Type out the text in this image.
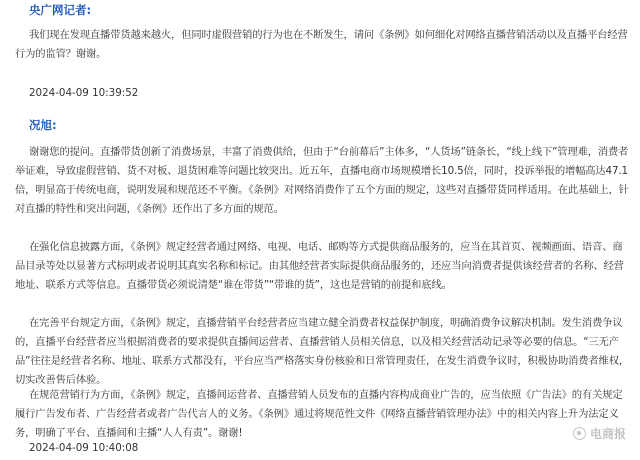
央广网记者:

我们现在发现直播带货越来越火，但同时虚假营销的行为也在不断发生，请问《条例》如何细化对网络直播营销活动以及直播平台经营行为的监管？谢谢。

2024-04-09 10:39:52
况旭:

谢谢您的提问。直播带货创新了消费场景，丰富了消费供给，但由于“台前幕后”主体多，“人货场”链条长，“线上线下”管理难，消费者举证难，导致虚假营销、货不对板、退货困难等问题比较突出。近五年，直播电商市场规模增长10.5倍，同时，投诉举报的增幅高达47.1倍，明显高于传统电商，说明发展和规范还不平衡。《条例》对网络消费作了五个方面的规定，这些对直播带货同样适用。在此基础上，针对直播的特性和突出问题，《条例》还作出了多方面的规范。

在强化信息披露方面，《条例》规定经营者通过网络、电视、电话、邮购等方式提供商品服务的，应当在其首页、视频画面、语音、商品目录等处以显著方式标明或者说明其真实名称和标记。由其他经营者实际提供商品服务的，还应当向消费者提供该经营者的名称、经营地址、联系方式等信息。直播带货必须说清楚“谁在带货”“带谁的货”，这也是营销的前提和底线。

在完善平台规定方面，《条例》规定，直播营销平台经营者应当建立健全消费者权益保护制度，明确消费争议解决机制。发生消费争议的，直播平台经营者应当根据消费者的要求提供直播间运营者、直播营销人员相关信息，以及相关经营活动记录等必要的信息。“三无产品”往往是经营者名称、地址、联系方式都没有，平台应当严格落实身份核验和日常管理责任，在发生消费争议时，积极协助消费者维权，切实改善售后体验。

在规范营销行为方面，《条例》规定，直播间运营者、直播营销人员发布的直播内容构成商业广告的，应当依照《广告法》的有关规定履行广告发布者、广告经营者或者广告代言人的义务。《条例》通过将规范性文件《网络直播营销管理办法》中的相关内容上升为法定义务，明确了平台、直播间和主播“人人有责”。谢谢!

2024-04-09 10:40:08
电商报
